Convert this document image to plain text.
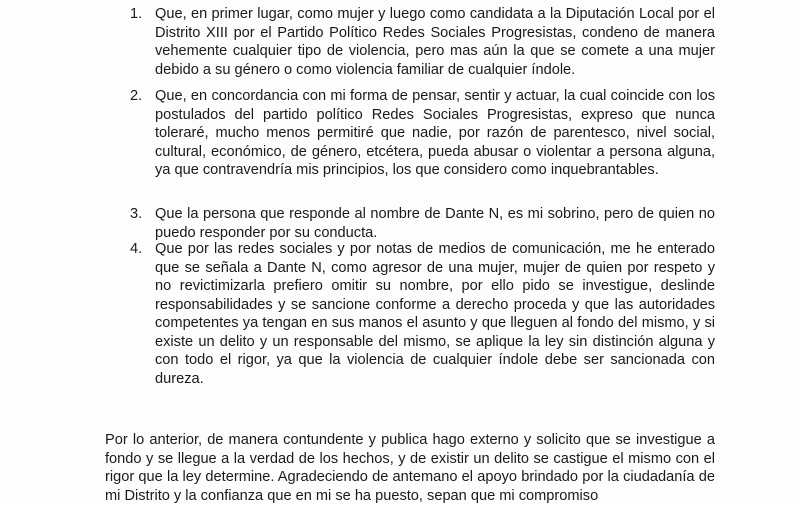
1. Que, en primer lugar, como mujer y luego como candidata a la Diputación Local por el Distrito XIII por el Partido Político Redes Sociales Progresistas, condeno de manera vehemente cualquier tipo de violencia, pero mas aún la que se comete a una mujer debido a su género o como violencia familiar de cualquier índole.
2. Que, en concordancia con mi forma de pensar, sentir y actuar, la cual coincide con los postulados del partido político Redes Sociales Progresistas, expreso que nunca toleraré, mucho menos permitiré que nadie, por razón de parentesco, nivel social, cultural, económico, de género, etcétera, pueda abusar o violentar a persona alguna, ya que contravendría mis principios, los que considero como inquebrantables.
3. Que la persona que responde al nombre de Dante N, es mi sobrino, pero de quien no puedo responder por su conducta.
4. Que por las redes sociales y por notas de medios de comunicación, me he enterado que se señala a Dante N, como agresor de una mujer, mujer de quien por respeto y no revictimizarla prefiero omitir su nombre, por ello pido se investigue, deslinde responsabilidades y se sancione conforme a derecho proceda y que las autoridades competentes ya tengan en sus manos el asunto y que lleguen al fondo del mismo, y si existe un delito y un responsable del mismo, se aplique la ley sin distinción alguna y con todo el rigor, ya que la violencia de cualquier índole debe ser sancionada con dureza.

Por lo anterior, de manera contundente y publica hago externo y solicito que se investigue a fondo y se llegue a la verdad de los hechos, y de existir un delito se castigue el mismo con el rigor que la ley determine. Agradeciendo de antemano el apoyo brindado por la ciudadanía de mi Distrito y la confianza que en mi se ha puesto, sepan que mi compromiso
